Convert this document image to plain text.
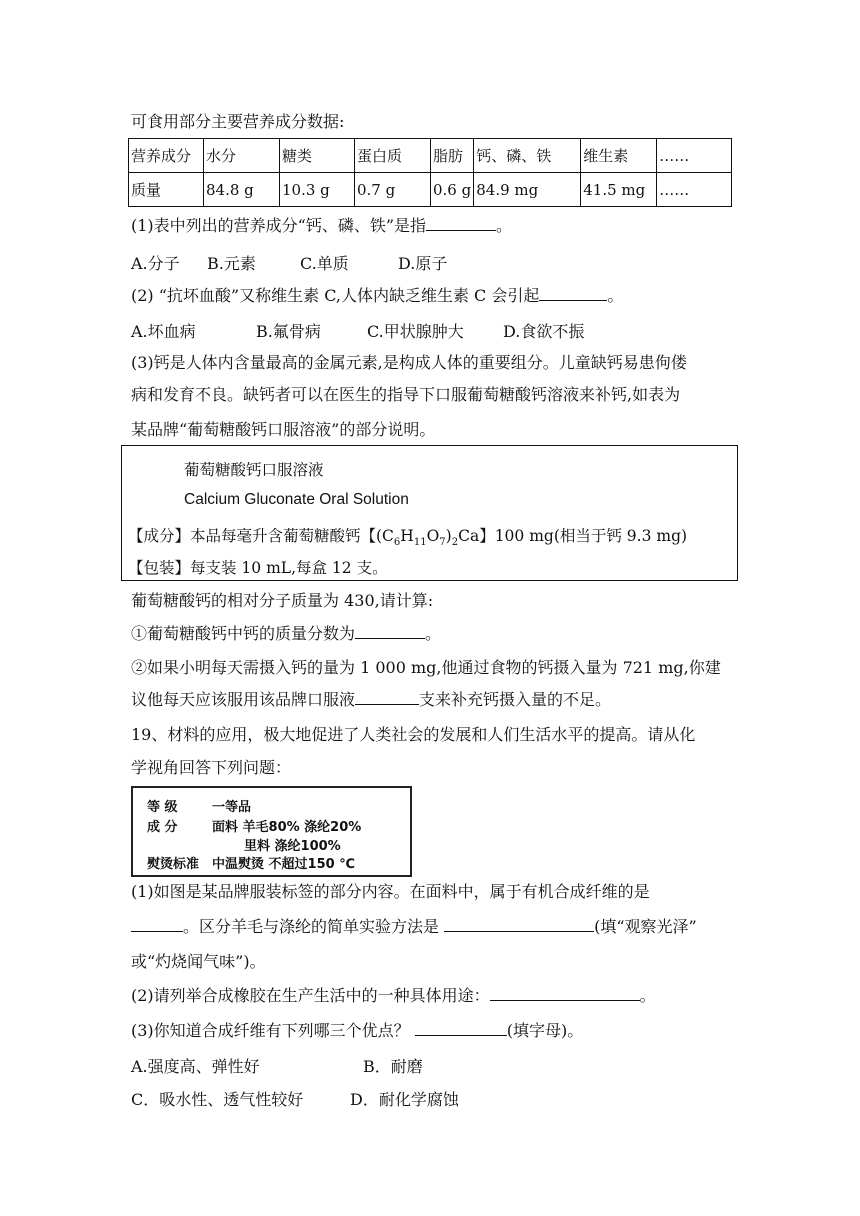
可食用部分主要营养成分数据:
营养成分	水分	糖类	蛋白质	脂肪	钙、磷、铁	维生素	……
质量	84.8 g	10.3 g	0.7 g	0.6 g	84.9 mg	41.5 mg	……
(1)表中列出的营养成分“钙、磷、铁”是指	。
A.分子 B.元素	C.单质	D.原子
(2) “抗坏血酸”又称维生素 C,人体内缺乏维生素 C 会引起	。
A.坏血病	B.氟骨病	C.甲状腺肿大 D.食欲不振
(3)钙是人体内含量最高的金属元素,是构成人体的重要组分。儿童缺钙易患佝偻
病和发育不良。缺钙者可以在医生的指导下口服葡萄糖酸钙溶液来补钙,如表为
某品牌“葡萄糖酸钙口服溶液”的部分说明。
葡萄糖酸钙口服溶液
Calcium Gluconate Oral Solution
【成分】本品每毫升含葡萄糖酸钙【$(C_6H_{11}O_7)_2Ca$】100 mg(相当于钙 9.3 mg)
【包装】每支装 10 mL,每盒 12 支。
葡萄糖酸钙的相对分子质量为 430,请计算:
①葡萄糖酸钙中钙的质量分数为	。
②如果小明每天需摄入钙的量为 1 000 mg,他通过食物的钙摄入量为 721 mg,你建
议他每天应该服用该品牌口服液	支来补充钙摄入量的不足。
19、材料的应用，极大地促进了人类社会的发展和人们生活水平的提高。请从化
学视角回答下列问题：
等 级	一等品
成 分	面料 羊毛80% 涤纶20%
里料 涤纶100%
熨烫标准 中温熨烫 不超过150 ℃
(1)如图是某品牌服装标签的部分内容。在面料中，属于有机合成纤维的是
。区分羊毛与涤纶的简单实验方法是	(填“观察光泽”
或“灼烧闻气味”)。
(2)请列举合成橡胶在生产生活中的一种具体用途：	。
(3)你知道合成纤维有下列哪三个优点？	(填字母)。
A.强度高、弹性好	B．耐磨
C．吸水性、透气性较好	D．耐化学腐蚀
